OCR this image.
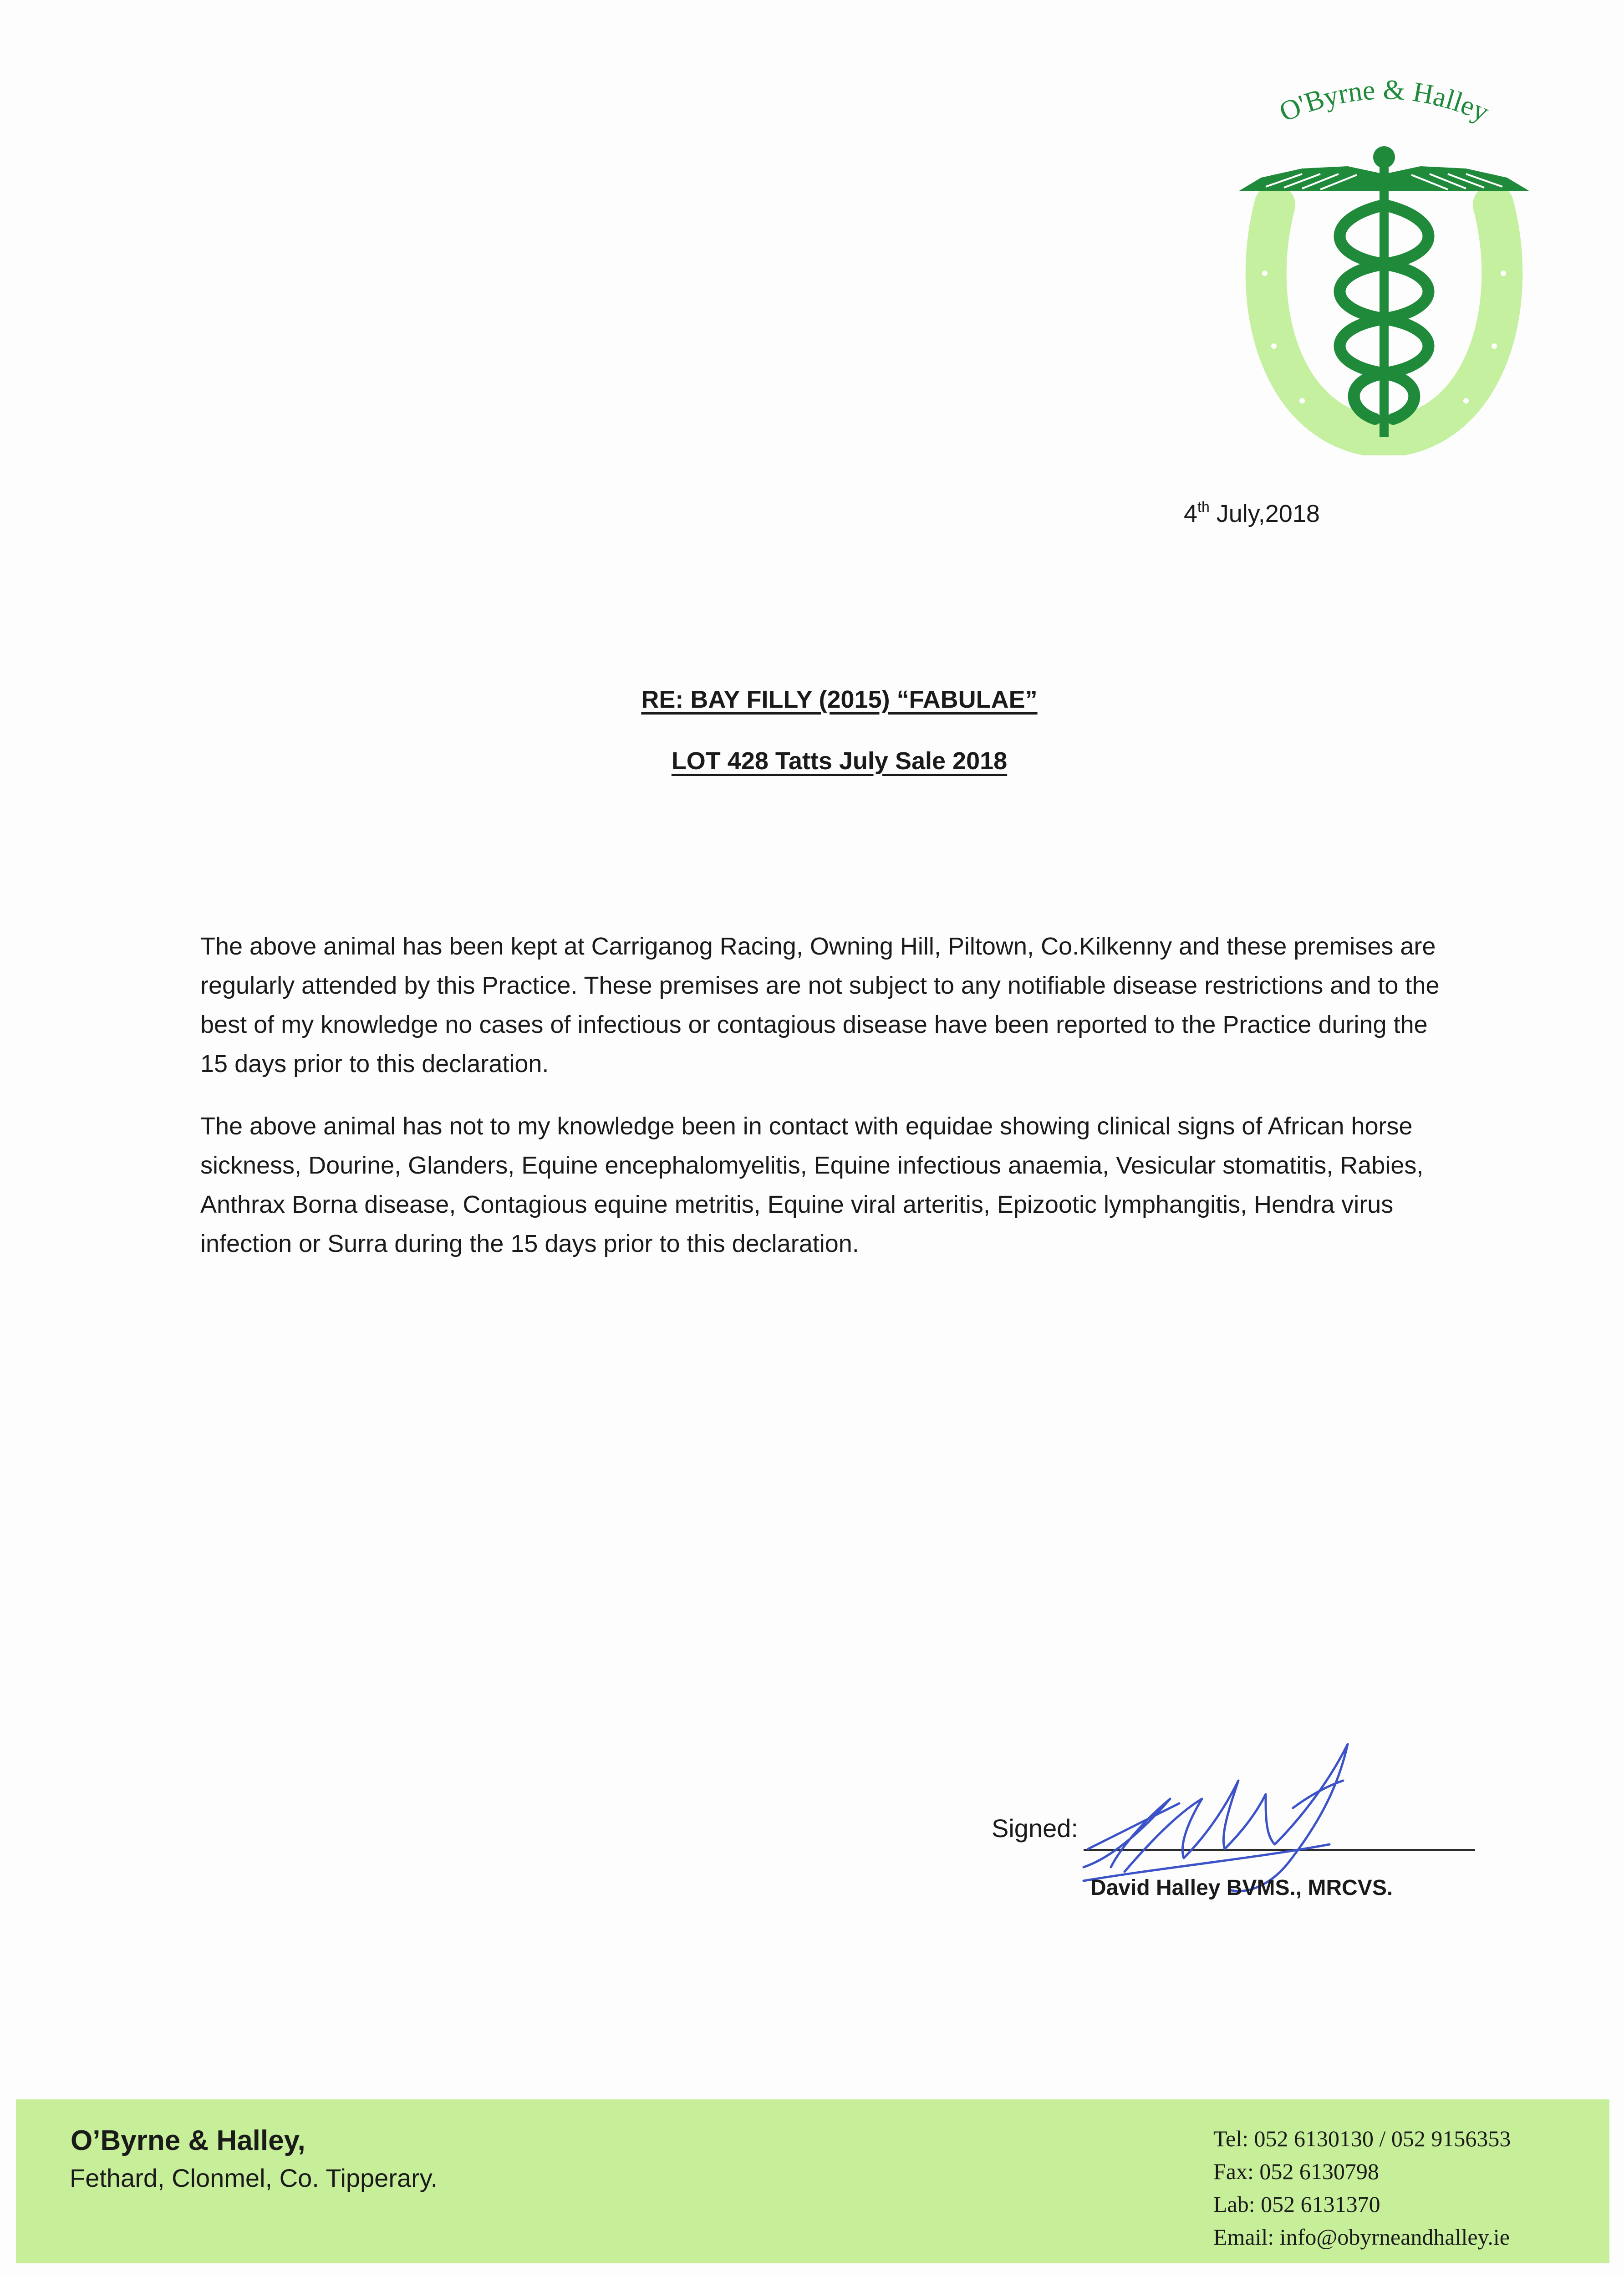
O'Byrne & Halley
4th July,2018
RE: BAY FILLY (2015) “FABULAE”
LOT 428 Tatts July Sale 2018
The above animal has been kept at Carriganog Racing, Owning Hill, Piltown, Co.Kilkenny and these premises are regularly attended by this Practice. These premises are not subject to any notifiable disease restrictions and to the best of my knowledge no cases of infectious or contagious disease have been reported to the Practice during the 15 days prior to this declaration.
The above animal has not to my knowledge been in contact with equidae showing clinical signs of African horse sickness, Dourine, Glanders, Equine encephalomyelitis, Equine infectious anaemia, Vesicular stomatitis, Rabies, Anthrax Borna disease, Contagious equine metritis, Equine viral arteritis, Epizootic lymphangitis, Hendra virus infection or Surra during the 15 days prior to this declaration.
Signed:
David Halley BVMS., MRCVS.
O’Byrne & Halley,
Fethard, Clonmel, Co. Tipperary.
Tel: 052 6130130 / 052 9156353
Fax: 052 6130798
Lab: 052 6131370
Email: info@obyrneandhalley.ie
